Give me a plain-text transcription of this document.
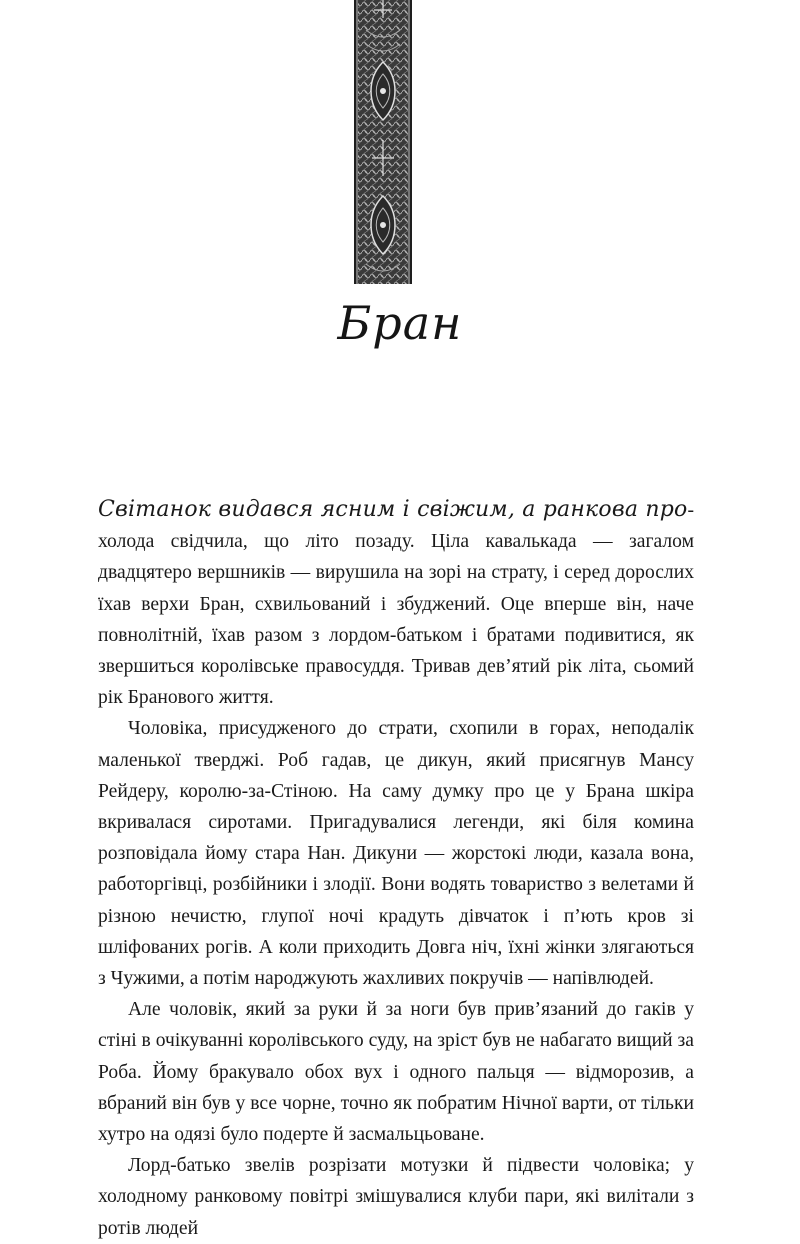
Бран

Світанок видався ясним і свіжим, а ранкова прохолода свідчила, що літо позаду. Ціла кавалькада — загалом двадцятеро вершників — вирушила на зорі на страту, і серед дорослих їхав верхи Бран, схвильований і збуджений. Оце вперше він, наче повнолітній, їхав разом з лордом-батьком і братами подивитися, як звершиться королівське правосуддя. Тривав дев’ятий рік літа, сьомий рік Бранового життя.

Чоловіка, присудженого до страти, схопили в горах, неподалік маленької тверджі. Роб гадав, це дикун, який присягнув Мансу Рейдеру, королю-за-Стіною. На саму думку про це у Брана шкіра вкривалася сиротами. Пригадувалися легенди, які біля комина розповідала йому стара Нан. Дикуни — жорстокі люди, казала вона, работоргівці, розбійники і злодії. Вони водять товариство з велетами й різною нечистю, глупої ночі крадуть дівчаток і п’ють кров зі шліфованих рогів. А коли приходить Довга ніч, їхні жінки злягаються з Чужими, а потім народжують жахливих покручів — напівлюдей.

Але чоловік, який за руки й за ноги був прив’язаний до гаків у стіні в очікуванні королівського суду, на зріст був не набагато вищий за Роба. Йому бракувало обох вух і одного пальця — відморозив, а вбраний він був у все чорне, точно як побратим Нічної варти, от тільки хутро на одязі було подерте й засмальцьоване.

Лорд-батько звелів розрізати мотузки й підвести чоловіка; у холодному ранковому повітрі змішувалися клуби пари, які вилітали з ротів людей
